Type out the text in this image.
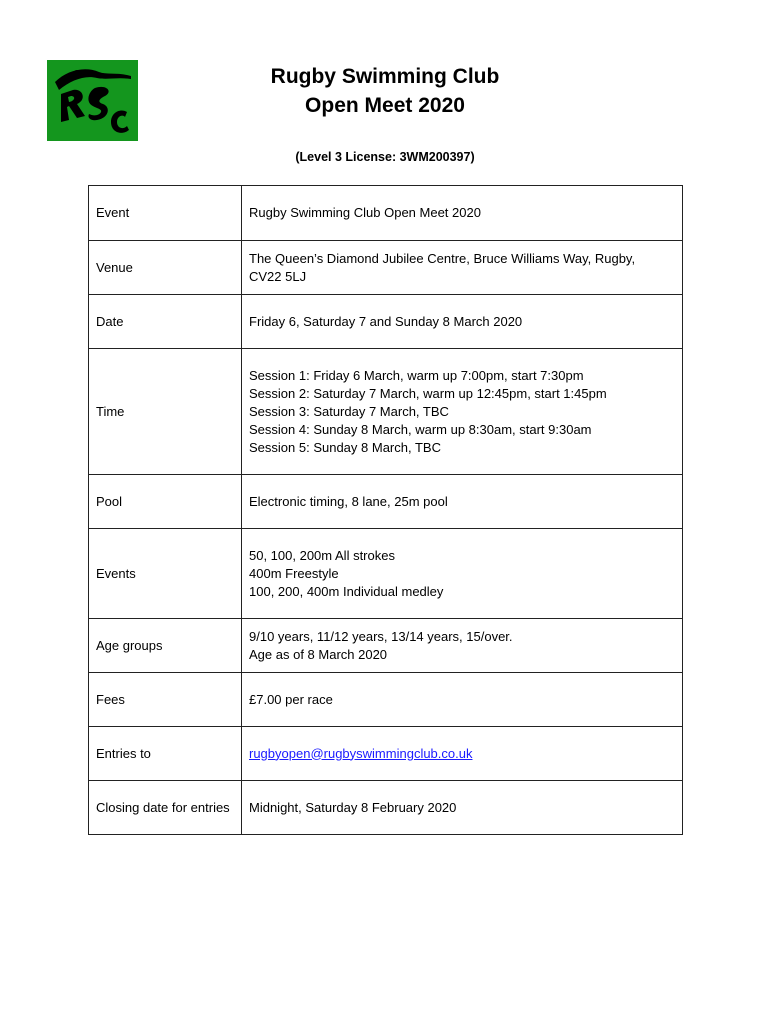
Rugby Swimming Club
Open Meet 2020
(Level 3 License: 3WM200397)
Event	Rugby Swimming Club Open Meet 2020

Venue	The Queen’s Diamond Jubilee Centre, Bruce Williams Way, Rugby,
CV22 5LJ

Date	Friday 6, Saturday 7 and Sunday 8 March 2020

Time	Session 1: Friday 6 March, warm up 7:00pm, start 7:30pm
Session 2: Saturday 7 March, warm up 12:45pm, start 1:45pm
Session 3: Saturday 7 March, TBC
Session 4: Sunday 8 March, warm up 8:30am, start 9:30am
Session 5: Sunday 8 March, TBC

Pool	Electronic timing, 8 lane, 25m pool

Events	50, 100, 200m All strokes
400m Freestyle
100, 200, 400m Individual medley

Age groups	9/10 years, 11/12 years, 13/14 years, 15/over.
Age as of 8 March 2020

Fees	£7.00 per race

Entries to	rugbyopen@rugbyswimmingclub.co.uk

Closing date for entries	Midnight, Saturday 8 February 2020
